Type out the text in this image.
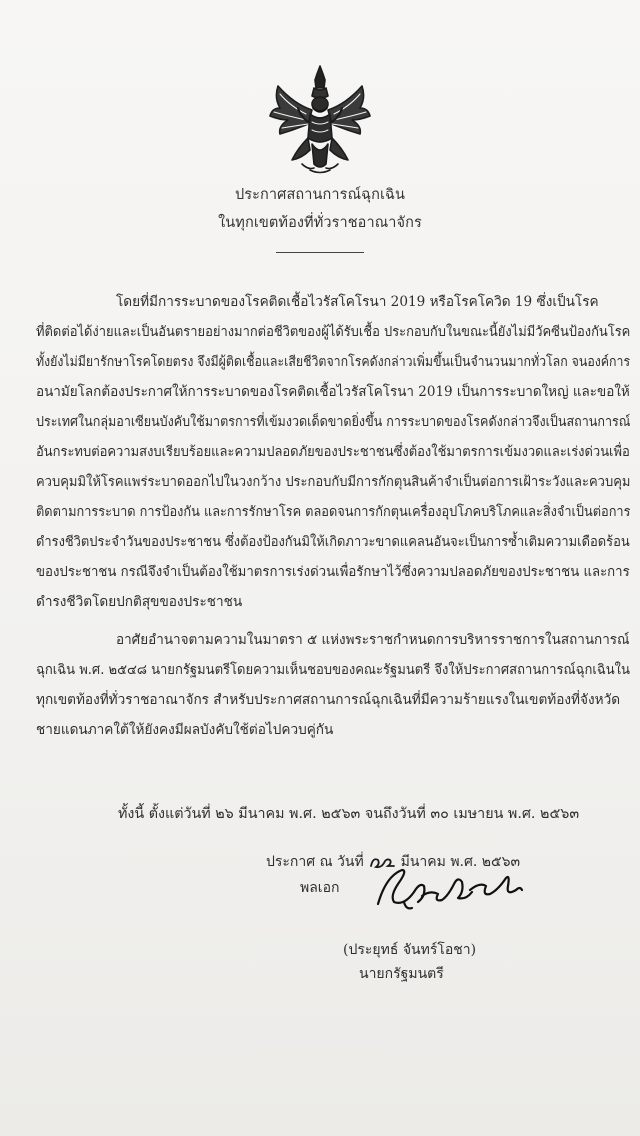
ประกาศสถานการณ์ฉุกเฉิน
ในทุกเขตท้องที่ทั่วราชอาณาจักร
โดยที่มีการระบาดของโรคติดเชื้อไวรัสโคโรนา 2019 หรือโรคโควิด 19 ซึ่งเป็นโรค
ที่ติดต่อได้ง่ายและเป็นอันตรายอย่างมากต่อชีวิตของผู้ได้รับเชื้อ ประกอบกับในขณะนี้ยังไม่มีวัคซีนป้องกันโรค
ทั้งยังไม่มียารักษาโรคโดยตรง จึงมีผู้ติดเชื้อและเสียชีวิตจากโรคดังกล่าวเพิ่มขึ้นเป็นจำนวนมากทั่วโลก จนองค์การ
อนามัยโลกต้องประกาศให้การระบาดของโรคติดเชื้อไวรัสโคโรนา 2019 เป็นการระบาดใหญ่ และขอให้
ประเทศในกลุ่มอาเซียนบังคับใช้มาตรการที่เข้มงวดเด็ดขาดยิ่งขึ้น การระบาดของโรคดังกล่าวจึงเป็นสถานการณ์
อันกระทบต่อความสงบเรียบร้อยและความปลอดภัยของประชาชนซึ่งต้องใช้มาตรการเข้มงวดและเร่งด่วนเพื่อ
ควบคุมมิให้โรคแพร่ระบาดออกไปในวงกว้าง ประกอบกับมีการกักตุนสินค้าจำเป็นต่อการเฝ้าระวังและควบคุม
ติดตามการระบาด การป้องกัน และการรักษาโรค ตลอดจนการกักตุนเครื่องอุปโภคบริโภคและสิ่งจำเป็นต่อการ
ดำรงชีวิตประจำวันของประชาชน ซึ่งต้องป้องกันมิให้เกิดภาวะขาดแคลนอันจะเป็นการซ้ำเติมความเดือดร้อน
ของประชาชน กรณีจึงจำเป็นต้องใช้มาตรการเร่งด่วนเพื่อรักษาไว้ซึ่งความปลอดภัยของประชาชน และการ
ดำรงชีวิตโดยปกติสุขของประชาชน
อาศัยอำนาจตามความในมาตรา ๕ แห่งพระราชกำหนดการบริหารราชการในสถานการณ์
ฉุกเฉิน พ.ศ. ๒๕๔๘ นายกรัฐมนตรีโดยความเห็นชอบของคณะรัฐมนตรี จึงให้ประกาศสถานการณ์ฉุกเฉินใน
ทุกเขตท้องที่ทั่วราชอาณาจักร สำหรับประกาศสถานการณ์ฉุกเฉินที่มีความร้ายแรงในเขตท้องที่จังหวัด
ชายแดนภาคใต้ให้ยังคงมีผลบังคับใช้ต่อไปควบคู่กัน
ทั้งนี้ ตั้งแต่วันที่ ๒๖ มีนาคม พ.ศ. ๒๕๖๓ จนถึงวันที่ ๓๐ เมษายน พ.ศ. ๒๕๖๓
ประกาศ ณ วันที่	มีนาคม พ.ศ. ๒๕๖๓
พลเอก
(ประยุทธ์ จันทร์โอชา)
นายกรัฐมนตรี
